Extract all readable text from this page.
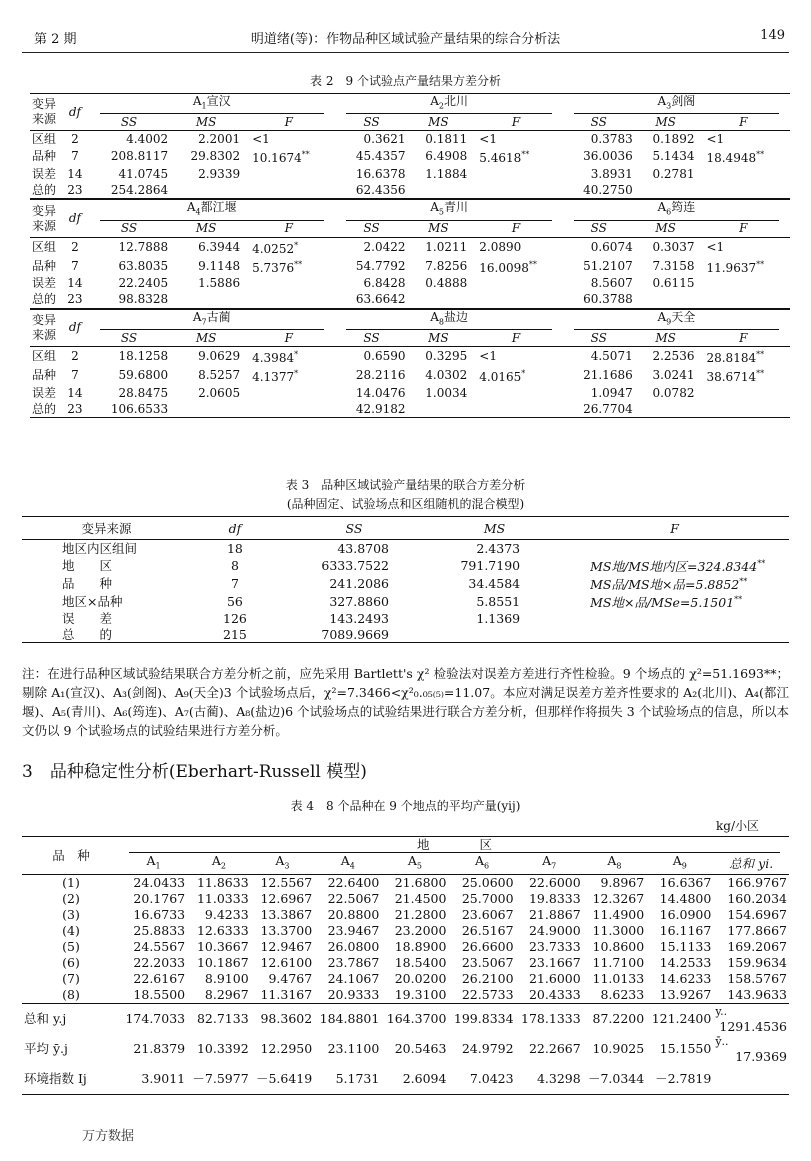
第 2 期	明道绪(等)：作物品种区域试验产量结果的综合分析法	149
表 2　9 个试验点产量结果方差分析
变异
来源	df	$A_1$宣汉			$A_2$北川			$A_3$剑阁		
		SS	MS	F	SS	MS	F	SS	MS	F
区组	2	4.4002	2.2001	<1	0.3621	0.1811	<1	0.3783	0.1892	<1
品种	7	208.8117	29.8302	10.1674**	45.4357	6.4908	5.4618**	36.0036	5.1434	18.4948**
误差	14	41.0745	2.9339		16.6378	1.1884		3.8931	0.2781	
总的	23	254.2864			62.4356			40.2750		

变异
来源	df	$A_4$都江堰			$A_5$青川			$A_6$筠连		
		SS	MS	F	SS	MS	F	SS	MS	F
区组	2	12.7888	6.3944	4.0252*	2.0422	1.0211	2.0890	0.6074	0.3037	<1
品种	7	63.8035	9.1148	5.7376**	54.7792	7.8256	16.0098**	51.2107	7.3158	11.9637**
误差	14	22.2405	1.5886		6.8428	0.4888		8.5607	0.6115	
总的	23	98.8328			63.6642			60.3788		

变异
来源	df	$A_7$古蔺			$A_8$盐边			$A_9$天全		
		SS	MS	F	SS	MS	F	SS	MS	F
区组	2	18.1258	9.0629	4.3984*	0.6590	0.3295	<1	4.5071	2.2536	28.8184**
品种	7	59.6800	8.5257	4.1377*	28.2116	4.0302	4.0165*	21.1686	3.0241	38.6714**
误差	14	28.8475	2.0605		14.0476	1.0034		1.0947	0.0782	
总的	23	106.6533			42.9182			26.7704		
表 3　品种区域试验产量结果的联合方差分析
(品种固定、试验场点和区组随机的混合模型)
变异来源	df	SS	MS	F
地区内区组间	18	43.8708	2.4373	
地　　区	8	6333.7522	791.7190	MS地/MS地内区=324.8344**
品　　种	7	241.2086	34.4584	MS品/MS地×品=5.8852**
地区×品种	56	327.8860	5.8551	MS地×品/MSe=5.1501**
误　　差	126	143.2493	1.1369	
总　　的	215	7089.9669		
注：在进行品种区域试验结果联合方差分析之前，应先采用 Bartlett's χ² 检验法对误差方差进行齐性检验。9 个场点的 χ²=51.1693**；剔除 A₁(宣汉)、A₃(剑阁)、A₉(天全)3 个试验场点后，χ²=7.3466<χ²₀.₀₅₍₅₎=11.07。本应对满足误差方差齐性要求的 A₂(北川)、A₄(都江堰)、A₅(青川)、A₆(筠连)、A₇(古蔺)、A₈(盐边)6 个试验场点的试验结果进行联合方差分析，但那样作将损失 3 个试验场点的信息，所以本文仍以 9 个试验场点的试验结果进行方差分析。
3　品种稳定性分析(Eberhart-Russell 模型)
表 4　8 个品种在 9 个地点的平均产量(yij)
kg/小区
品　种	地　　　　区									
	$A_1$	$A_2$	$A_3$	$A_4$	$A_5$	$A_6$	$A_7$	$A_8$	$A_9$	总和 yi.
(1)	24.0433	11.8633	12.5567	22.6400	21.6800	25.0600	22.6000	9.8967	16.6367	166.9767
(2)	20.1767	11.0333	12.6967	22.5067	21.4500	25.7000	19.8333	12.3267	14.4800	160.2034
(3)	16.6733	9.4233	13.3867	20.8800	21.2800	23.6067	21.8867	11.4900	16.0900	154.6967
(4)	25.8833	12.6333	13.3700	23.9467	23.2000	26.5167	24.9000	11.3000	16.1167	177.8667
(5)	24.5567	10.3667	12.9467	26.0800	18.8900	26.6600	23.7333	10.8600	15.1133	169.2067
(6)	22.2033	10.1867	12.6100	23.7867	18.5400	23.5067	23.1667	11.7100	14.2533	159.9634
(7)	22.6167	8.9100	9.4767	24.1067	20.0200	26.2100	21.6000	11.0133	14.6233	158.5767
(8)	18.5500	8.2967	11.3167	20.9333	19.3100	22.5733	20.4333	8.6233	13.9267	143.9633
总和 y.j	174.7033	82.7133	98.3602	184.8801	164.3700	199.8334	178.1333	87.2200	121.2400	y..
1291.4536

平均 ȳ.j	21.8379	10.3392	12.2950	23.1100	20.5463	24.9792	22.2667	10.9025	15.1550	ȳ..
17.9369

环境指数 Ij	3.9011	－7.5977	－5.6419	5.1731	2.6094	7.0423	4.3298	－7.0344	－2.7819	
万方数据
